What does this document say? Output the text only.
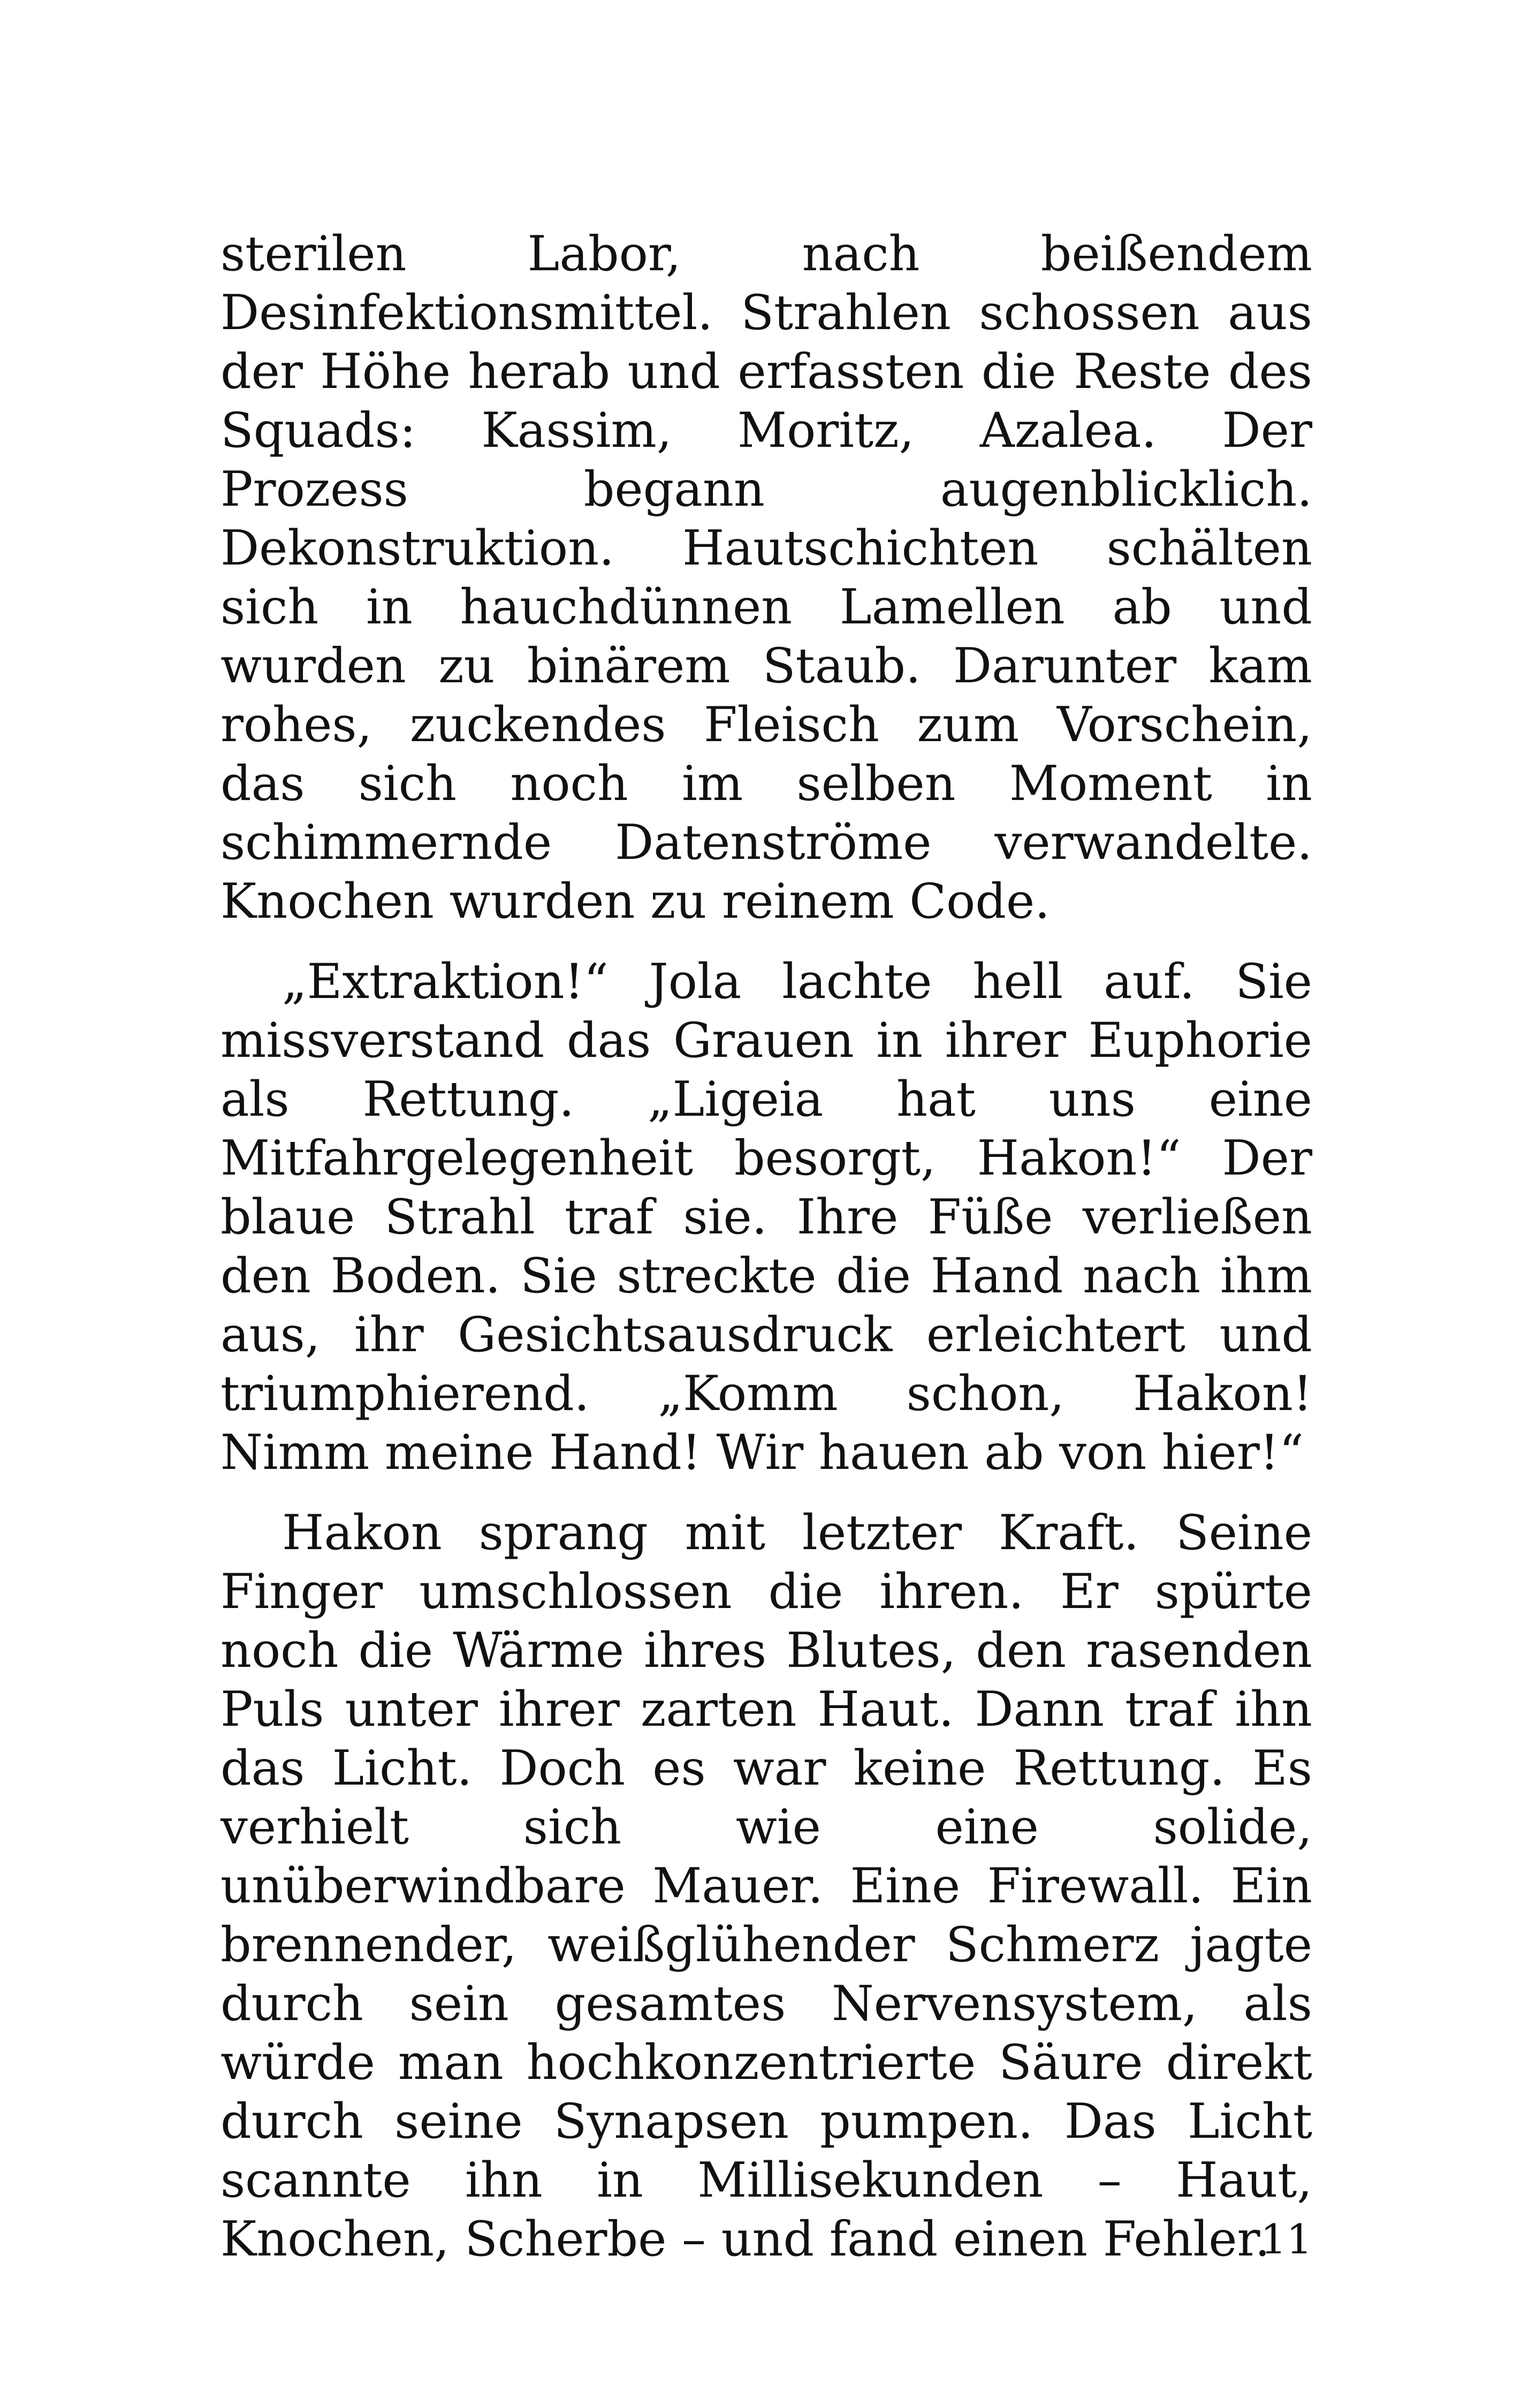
sterilen Labor, nach beißendem Desinfektionsmittel. Strahlen schossen aus der Höhe herab und erfassten die Reste des Squads: Kassim, Moritz, Azalea. Der Prozess begann augenblicklich. Dekonstruktion. Hautschichten schälten sich in hauchdünnen Lamellen ab und wurden zu binärem Staub. Darunter kam rohes, zuckendes Fleisch zum Vorschein, das sich noch im selben Moment in schimmernde Datenströme verwandelte. Knochen wurden zu reinem Code.

„Extraktion!“ Jola lachte hell auf. Sie missverstand das Grauen in ihrer Euphorie als Rettung. „Ligeia hat uns eine Mitfahrgelegenheit besorgt, Hakon!“ Der blaue Strahl traf sie. Ihre Füße verließen den Boden. Sie streckte die Hand nach ihm aus, ihr Gesichtsausdruck erleichtert und triumphierend. „Komm schon, Hakon! Nimm meine Hand! Wir hauen ab von hier!“

Hakon sprang mit letzter Kraft. Seine Finger umschlossen die ihren. Er spürte noch die Wärme ihres Blutes, den rasenden Puls unter ihrer zarten Haut. Dann traf ihn das Licht. Doch es war keine Rettung. Es verhielt sich wie eine solide, unüberwindbare Mauer. Eine Firewall. Ein brennender, weißglühender Schmerz jagte durch sein gesamtes Nervensystem, als würde man hochkonzentrierte Säure direkt durch seine Synapsen pumpen. Das Licht scannte ihn in Millisekunden – Haut, Knochen, Scherbe – und fand einen Fehler.

11
